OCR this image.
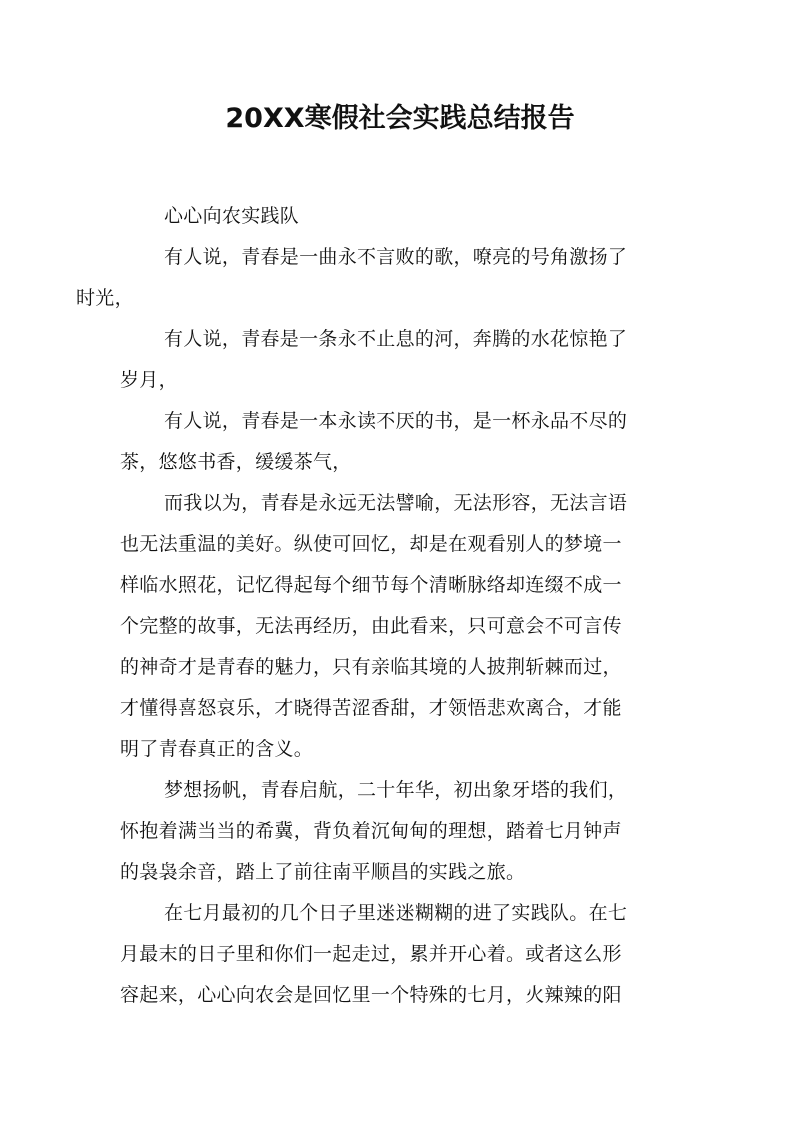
20XX寒假社会实践总结报告

心心向农实践队

有人说，青春是一曲永不言败的歌，嘹亮的号角激扬了
时光，

有人说，青春是一条永不止息的河，奔腾的水花惊艳了
岁月，

有人说，青春是一本永读不厌的书，是一杯永品不尽的
茶，悠悠书香，缓缓茶气，

而我以为，青春是永远无法譬喻，无法形容，无法言语
也无法重温的美好。纵使可回忆，却是在观看别人的梦境一
样临水照花，记忆得起每个细节每个清晰脉络却连缀不成一
个完整的故事，无法再经历，由此看来，只可意会不可言传
的神奇才是青春的魅力，只有亲临其境的人披荆斩棘而过，
才懂得喜怒哀乐，才晓得苦涩香甜，才领悟悲欢离合，才能
明了青春真正的含义。

梦想扬帆，青春启航，二十年华，初出象牙塔的我们，
怀抱着满当当的希冀，背负着沉甸甸的理想，踏着七月钟声
的袅袅余音，踏上了前往南平顺昌的实践之旅。

在七月最初的几个日子里迷迷糊糊的进了实践队。在七
月最末的日子里和你们一起走过，累并开心着。或者这么形
容起来，心心向农会是回忆里一个特殊的七月，火辣辣的阳
